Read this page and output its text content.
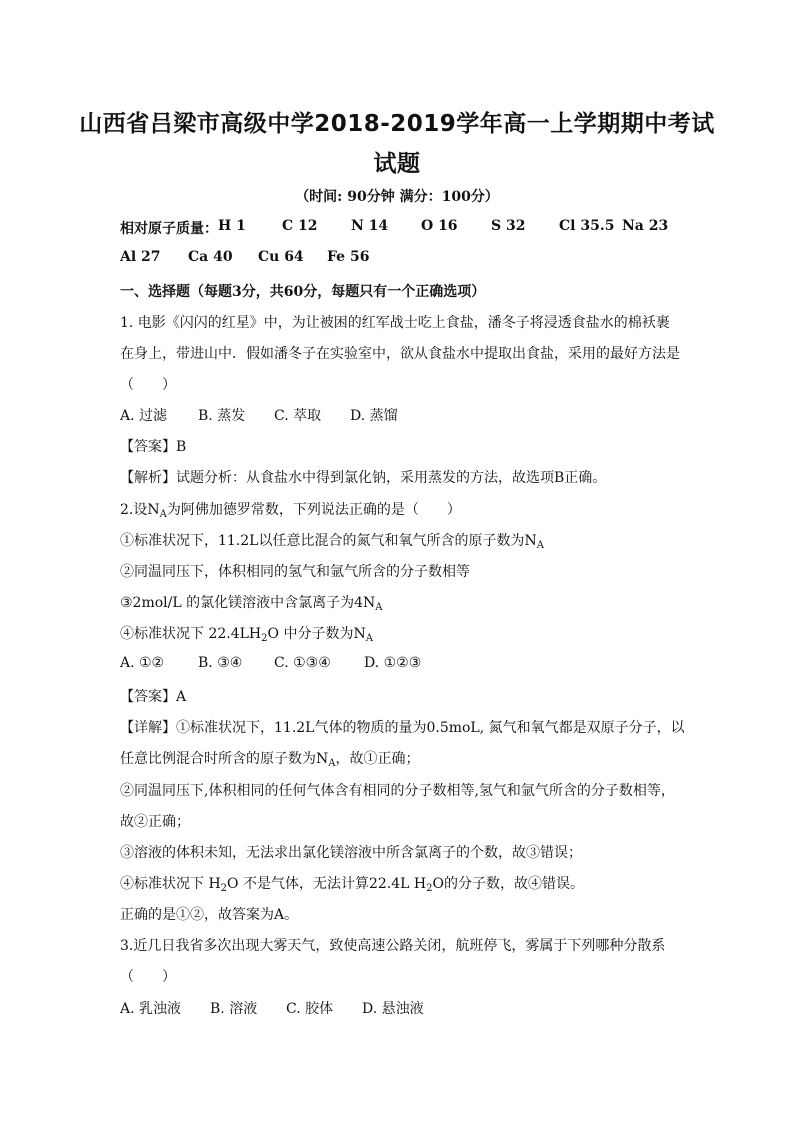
山西省吕梁市高级中学2018-2019学年高一上学期期中考试
试题
（时间: 90分钟 满分：100分）
相对原子质量： H 1	C 12 N 14 O 16 S 32 Cl 35.5 Na 23
Al 27 Ca 40 Cu 64 Fe 56
一、选择题（每题3分，共60分，每题只有一个正确选项）
1. 电影《闪闪的红星》中，为让被困的红军战士吃上食盐，潘冬子将浸透食盐水的棉袄裹
在身上，带进山中．假如潘冬子在实验室中，欲从食盐水中提取出食盐，采用的最好方法是
（　　）
A. 过滤 B. 蒸发 C. 萃取 D. 蒸馏
【答案】B
【解析】试题分析：从食盐水中得到氯化钠，采用蒸发的方法，故选项B正确。
2.设$N_A$为阿佛加德罗常数，下列说法正确的是（　　）
①标准状况下，11.2L以任意比混合的氮气和氧气所含的原子数为$N_A$
②同温同压下，体积相同的氢气和氩气所含的分子数相等
③2mol/L 的氯化镁溶液中含氯离子为$4N_A$
④标准状况下 $22.4LH_2O$ 中分子数为$N_A$
A. ①② B. ③④ C. ①③④ D. ①②③
【答案】A
【详解】①标准状况下，11.2L气体的物质的量为0.5moL, 氮气和氧气都是双原子分子，以
任意比例混合时所含的原子数为$N_A$，故①正确；
②同温同压下,体积相同的任何气体含有相同的分子数相等,氢气和氩气所含的分子数相等，
故②正确；
③溶液的体积未知，无法求出氯化镁溶液中所含氯离子的个数，故③错误；
④标准状况下 $H_2O$ 不是气体，无法计算22.4L $H_2O$的分子数，故④错误。
正确的是①②，故答案为A。
3.近几日我省多次出现大雾天气，致使高速公路关闭，航班停飞，雾属于下列哪种分散系
（　　）
A. 乳浊液 B. 溶液 C. 胶体 D. 悬浊液
